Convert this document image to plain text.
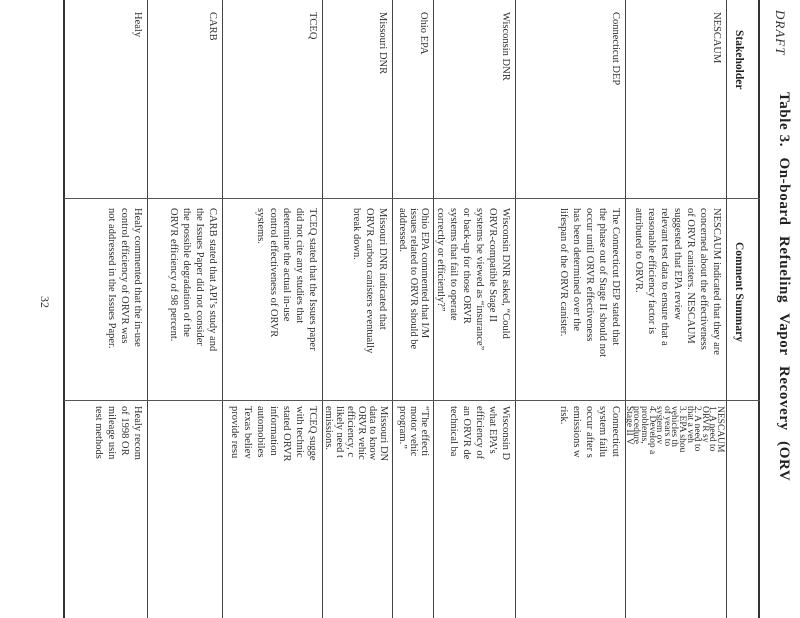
DRAFT
Table 3. On-board Refueling Vapor Recovery (ORV
Stakeholder
Comment Summary
NESCAUM
NESCAUM indicated that they are
concerned about the effectiveness
of ORVR canisters. NESCAUM
suggested that EPA review
relevant test data to ensure that a
reasonable efficiency factor is
attributed to ORVR.
NESCAUM
1. A need to
ORVR sy
2. A need to
that a veh
3. EPA shou
vehicles th
of years to
system ov
4. Develop a
problems,
procedure
Stage II V
Connecticut DEP
The Connecticut DEP stated that
the phase out of Stage II should not
occur until ORVR effectiveness
has been determined over the
lifespan of the ORVR canister.
Connecticut
system failu
occur after s
emissions w
risk.
Wisconsin DNR
Wisconsin DNR asked, “Could
ORVR-compatible Stage II
systems be viewed as “insurance”
or back-up for those ORVR
systems that fail to operate
correctly or efficiently?”
Wisconsin D
what EPA’s
efficiency of
an ORVR de
technical ba
Ohio EPA
Ohio EPA commented that I/M
issues related to ORVR should be
addressed.
“The effecti
motor vehic
program.”
Missouri DNR
Missouri DNR indicated that
ORVR carbon canisters eventually
break down.
Missouri DN
data to know
ORVR vehic
efficiency, c
likely need t
emissions.
TCEQ
TCEQ stated that the Issues paper
did not cite any studies that
determine the actual in-use
control effectiveness of ORVR
systems.
TCEQ sugge
with technic
stated ORVR
information
automobiles
Texas believ
provide resu
CARB
CARB stated that API’s study and
the Issues Paper did not consider
the possible degradation of the
ORVR efficiency of 98 percent.
Healy
Healy commented that the in-use
control efficiency of ORVR was
not addressed in the Issues Paper.
Healy recom
of 1998 OR
mileage usin
test methods
32
